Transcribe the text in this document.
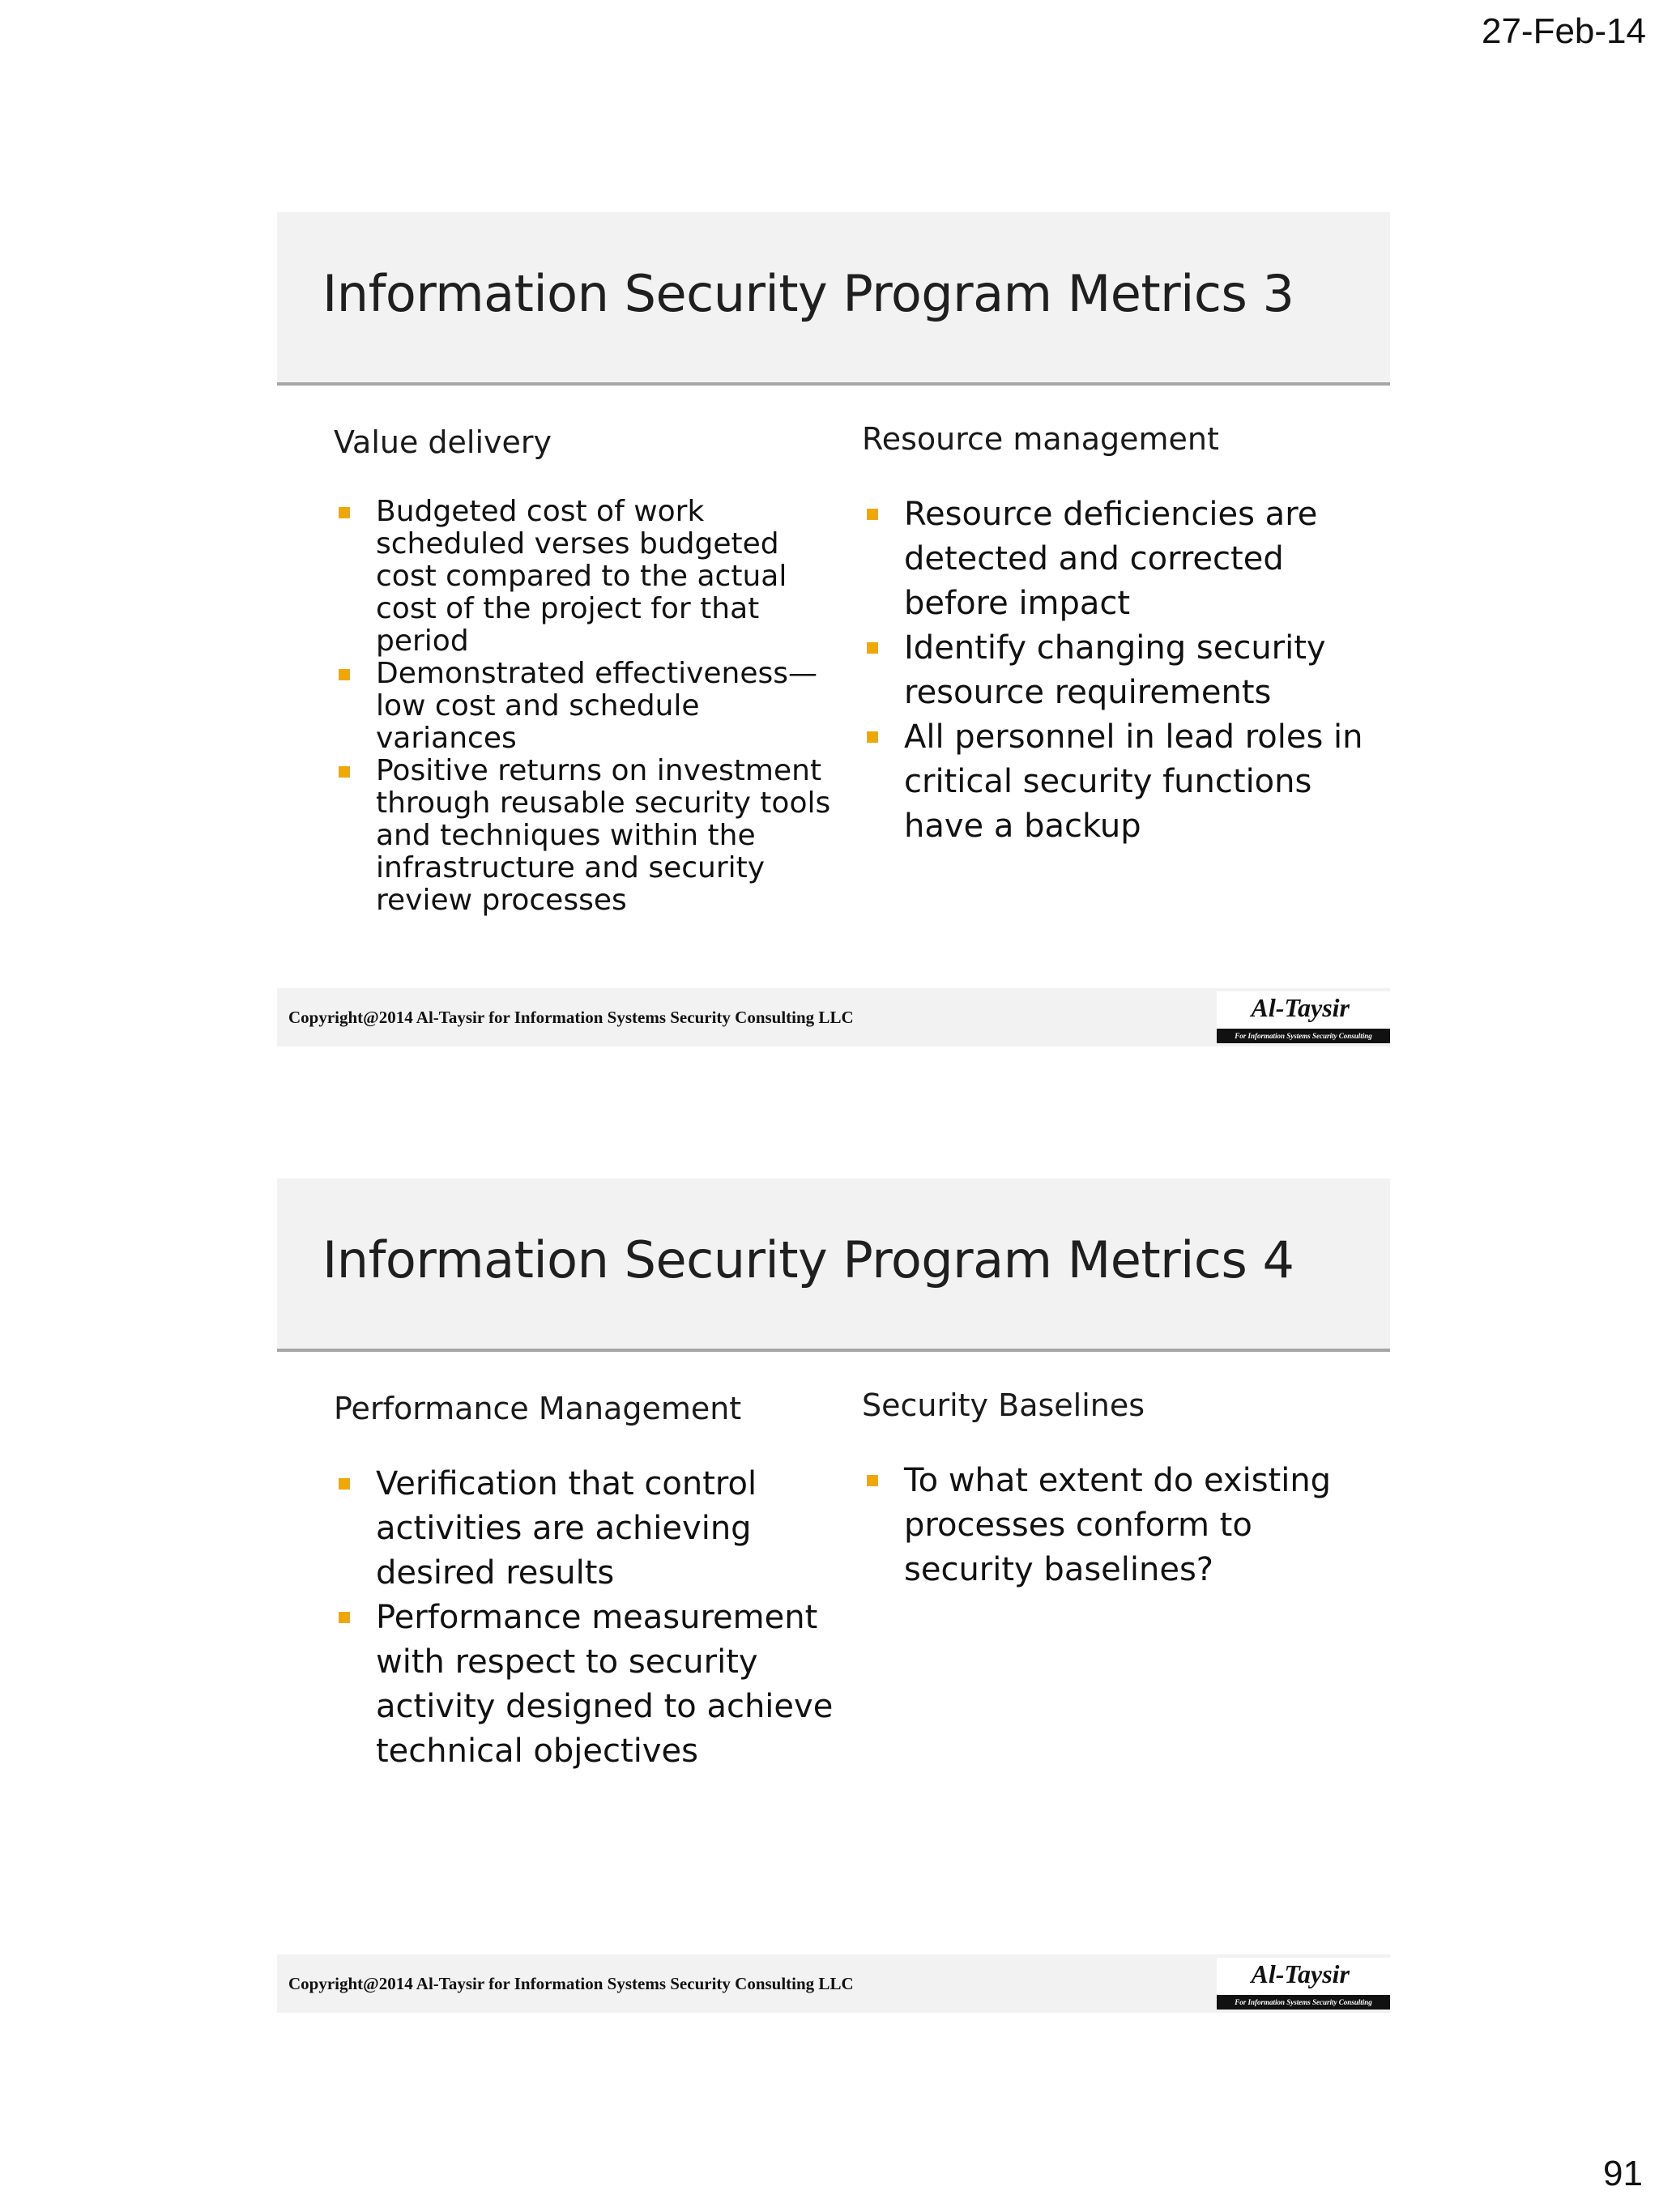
27-Feb-14
Information Security Program Metrics 3
Value delivery
Budgeted cost of work scheduled verses budgeted cost compared to the actual cost of the project for that period
Demonstrated effectiveness—low cost and schedule variances
Positive returns on investment through reusable security tools and techniques within the infrastructure and security review processes
Resource management
Resource deficiencies are detected and corrected before impact
Identify changing security resource requirements
All personnel in lead roles in critical security functions have a backup
Copyright@2014 Al-Taysir for Information Systems Security Consulting LLC	Al-Taysir
For Information Systems Security Consulting
Information Security Program Metrics 4
Performance Management
Verification that control activities are achieving desired results
Performance measurement with respect to security activity designed to achieve technical objectives
Security Baselines
To what extent do existing processes conform to security baselines?
Copyright@2014 Al-Taysir for Information Systems Security Consulting LLC	Al-Taysir
For Information Systems Security Consulting
91
